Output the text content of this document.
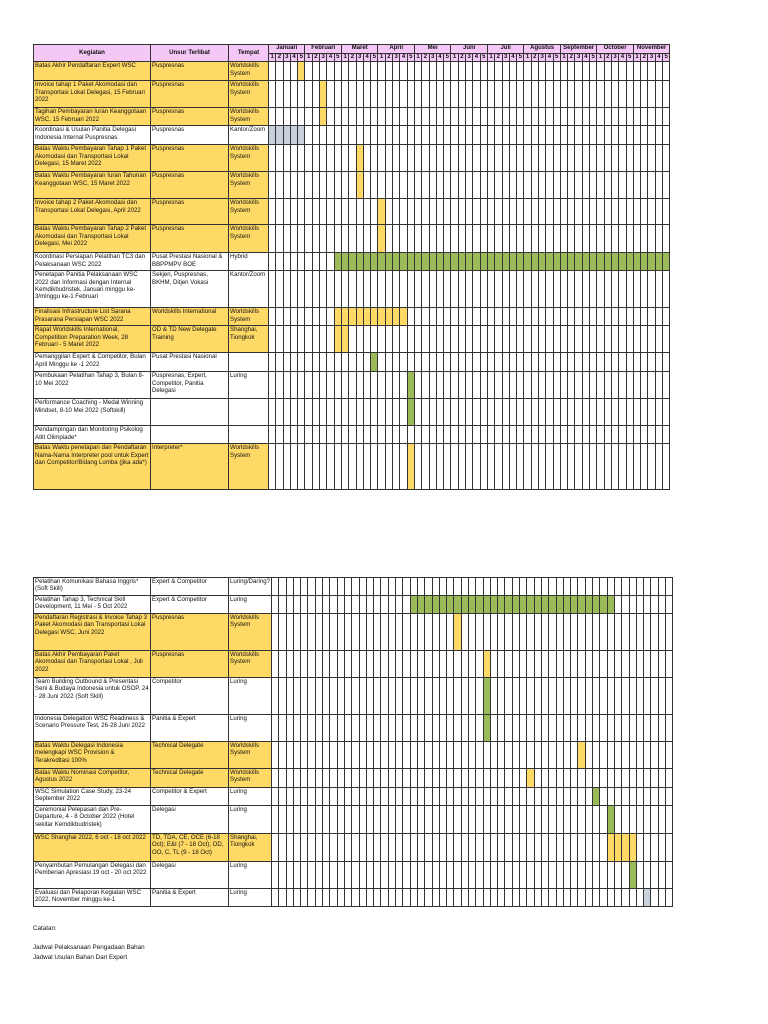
Kegiatan	Unsur Terlibat	Tempat	Januari					Februari					Maret					April					Mei					Juni					Juli					Agustus					September					October					November				
			1	2	3	4	5	1	2	3	4	5	1	2	3	4	5	1	2	3	4	5	1	2	3	4	5	1	2	3	4	5	1	2	3	4	5	1	2	3	4	5	1	2	3	4	5	1	2	3	4	5	1	2	3	4	5
Batas Akhir Pendaftaran Expert WSC	Puspresnas	Worldskills System																																																							
Invoice tahap 1 Paket Akomodasi dan Transportasi Lokal Delegasi, 15 Februari 2022	Puspresnas	Worldskills System																																																							
Tagihan Pembayaran Iuran Keanggotaan WSC, 15 Februari 2022	Puspresnas	Worldskills System																																																							
Koordinasi & Usulan Panitia Delegasi Indonesia Internal Puspresnas	Puspresnas	Kantor/Zoom																																																							
Batas Waktu Pembayaran Tahap 1 Paket Akomodasi dan Transportasi Lokal Delegasi, 15 Maret 2022	Puspresnas	Worldskills System																																																							
Batas Waktu Pembayaran Iuran Tahunan Keanggotaan WSC, 15 Maret 2022	Puspresnas	Worldskills System																																																							
Invoice tahap 2 Paket Akomodasi dan Transportasi Lokal Delegasi, April 2022	Puspresnas	Worldskills System																																																							
Batas Waktu Pembayaran Tahap 2 Paket Akomodasi dan Transportasi Lokal Delegasi, Mei 2022	Puspresnas	Worldskills System																																																							
Koordinasi Persiapan Pelatihan TC3 dan Pelaksanaan WSC 2022	Pusat Prestasi Nasional & BBPPMPV BOE	Hybrid																																																							
Penetapan Panitia Pelaksanaan WSC 2022 dan Informasi dengan Internal Kemdikbudristek, Januari minggu ke-3/minggu ke-1 Februari	Sekjen, Puspresnas, BKHM, Ditjen Vokasi	Kantor/Zoom																																																							
Finalisasi Infrastructure List Sarana Prasarana Persiapan WSC 2022	Worldskills International	Worldskills System																																																							
Rapat Worldskills International, Competition Preparation Week, 28 Februari - 5 Maret 2022	OD & TD New Delegate Training	Shanghai, Tiongkok																																																							
Pemanggilan Expert & Competitor, Bulan April Minggu ke -1 2022	Pusat Prestasi Nasional																																																								
Pembukaan Pelatihan Tahap 3, Bulan 8-10 Mei 2022	Puspresnas, Expert, Competitor, Panitia Delegasi	Luring																																																							
Performance Coaching - Medal Winning Mindset, 8-10 Mei 2022 (Softskill)																																																									
Pendampingan dan Monitoring Psikolog Atlit Olimpiade*																																																									
Batas Waktu penetapan dan Pendaftaran Nama-Nama Interpreter pool untuk Expert dan Competitor/Bidang Lomba (jika ada*)	Interpreter*	Worldskills System																																																							
Pelatihan Komunikasi Bahasa Inggris* (Soft Skill)	Expert & Competitor	Luring/Daring?																																																							
Pelatihan Tahap 3, Technical Skill Development, 11 Mei - 5 Oct 2022	Expert & Competitor	Luring																																																							
Pendaftaran Registrasi & Invoice Tahap 3 Paket Akomodasi dan Transportasi Lokal Delegasi WSC, Juni 2022	Puspresnas	Worldskills System																																																							
Batas Akhir Pembayaran Paket Akomodasi dan Transportasi Lokal , Juli 2022	Puspresnas	Worldskills System																																																							
Team Building Outbound & Presentasi Seni & Budaya Indonesia untuk OSOP, 24 - 28 Juni 2022 (Soft Skill)	Competitor	Luring																																																							
Indonesia Delegation WSC Readiness & Scenario Pressure Test, 26-28 Juni 2022	Panitia & Expert	Luring																																																							
Batas Waktu Delegasi Indonesia melengkapi WSC Provision & Terakreditasi 100%	Technical Delegate	Worldskills System																																																							
Batas Waktu Nominasi Competitor, Agustus 2022	Technical Delegate	Worldskills System																																																							
WSC Simulation Case Study, 23-24 September 2022	Competitor & Expert	Luring																																																							
Ceremonial Pelepasan dan Pre-Departure, 4 - 8 October 2022 (Hotel sekitar Kemdikbudristek)	Delegasi	Luring																																																							
WSC Shanghai 2022, 6 oct - 18 oct 2022	TD, TDA, CE, OCE (6-18 Oct); E&I (7 - 18 Oct); OD, OO, C, TL (9 - 18 Oct)	Shanghai, Tiongkok																																																							
Penyambutan Pemulangan Delegasi dan Pemberian Apresiasi 19 oct - 20 oct 2022	Delegasi	Luring																																																							
Evaluasi dan Pelaporan Kegiatan WSC 2022, November minggu ke-1	Panitia & Expert	Luring																																																							
Catatan:
Jadwal Pelaksanaan Pengadaan Bahan
Jadwal Usulan Bahan Dari Expert
